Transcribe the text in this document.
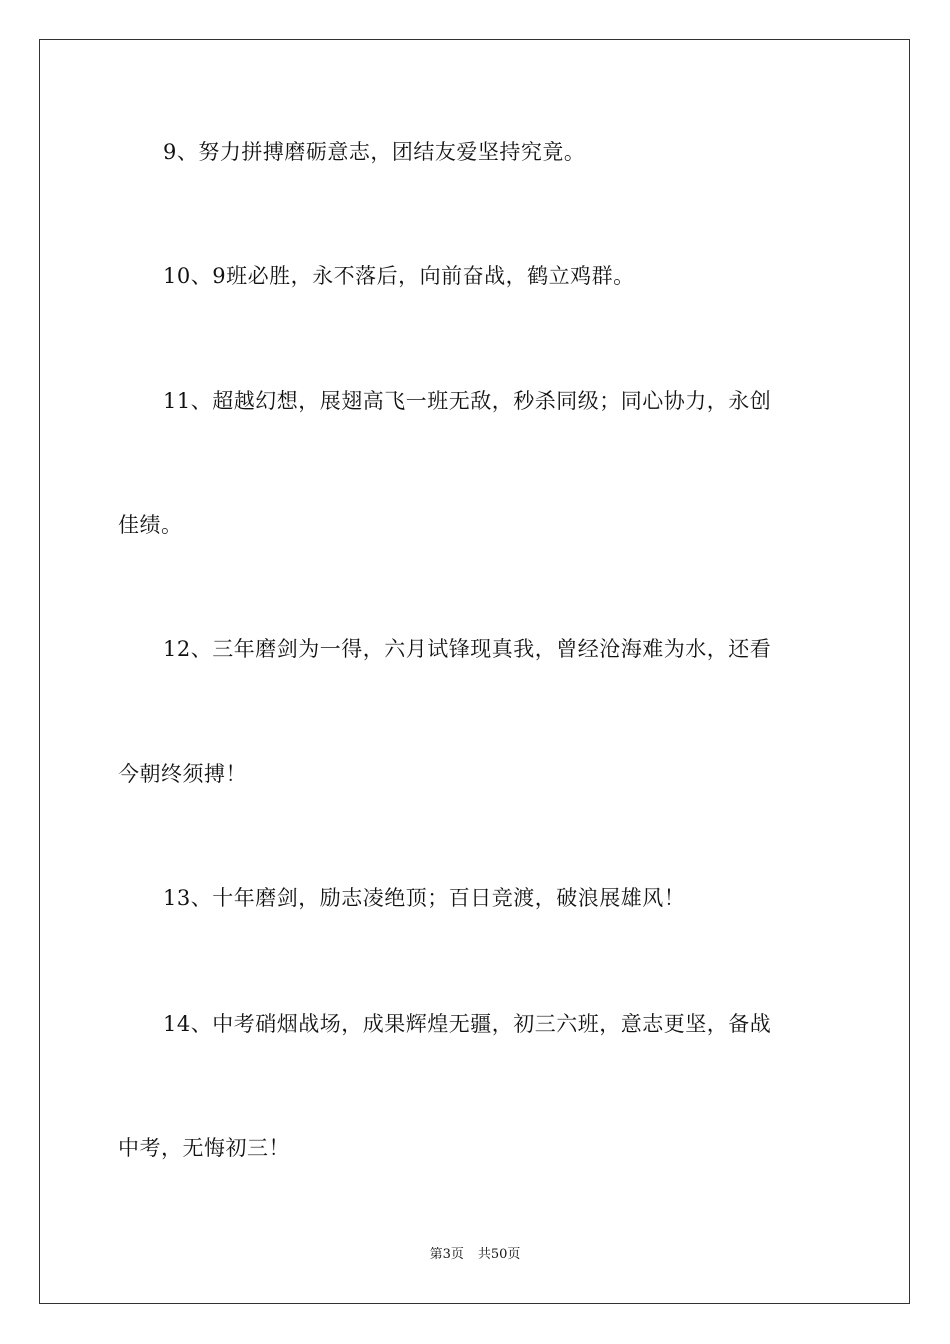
9、努力拼搏磨砺意志，团结友爱坚持究竟。
10、9班必胜，永不落后，向前奋战，鹤立鸡群。
11、超越幻想，展翅高飞一班无敌，秒杀同级；同心协力，永创
佳绩。
12、三年磨剑为一得，六月试锋现真我，曾经沧海难为水，还看
今朝终须搏！
13、十年磨剑，励志凌绝顶；百日竞渡，破浪展雄风！
14、中考硝烟战场，成果辉煌无疆，初三六班，意志更坚，备战
中考，无悔初三！
第3页 共50页
